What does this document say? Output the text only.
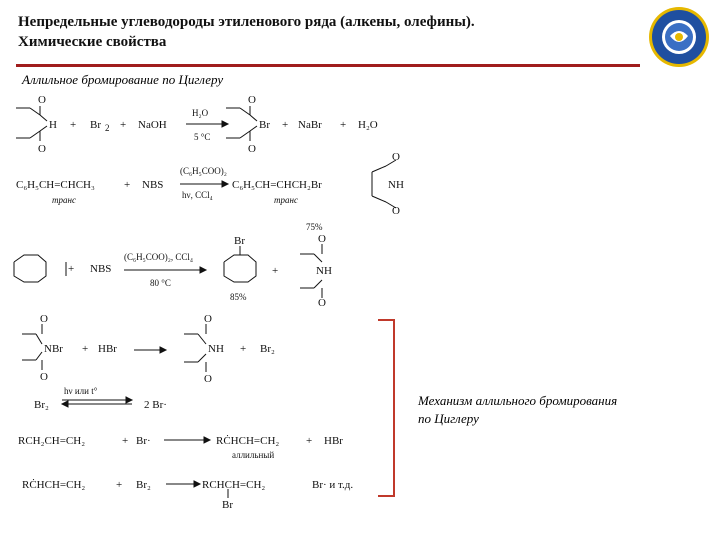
Непредельные углеводороды этиленового ряда (алкены, олефины).
Химические свойства
Аллильное бромирование по Циглеру
O
H
O
+ Br 2 + NaOH
H₂O
5 °C
O
Br
O
+ NaBr + H₂O
C₆H₅CH=CHCH₃	+ NBS
транс
(C₆H₅COO)₂
hν, CCl₄
C₆H₅CH=CHCH₂Br
транс
O
NH
O
75%
+ NBS
(C₆H₅COO)₂, CCl₄
80 °C
Br
+
85%
O
NH
O
O
NBr
O
+ HBr
O
NH
O
+ Br₂
hν или t°
Br₂	2 Br·
RCH₂CH=CH₂	+ Br·	RĊHCH=CH₂ + HBr
аллильный
RĊHCH=CH₂	+ Br₂	RCHCH=CH₂	Br· и т.д.
Br
Механизм аллильного бромирования
по Циглеру
